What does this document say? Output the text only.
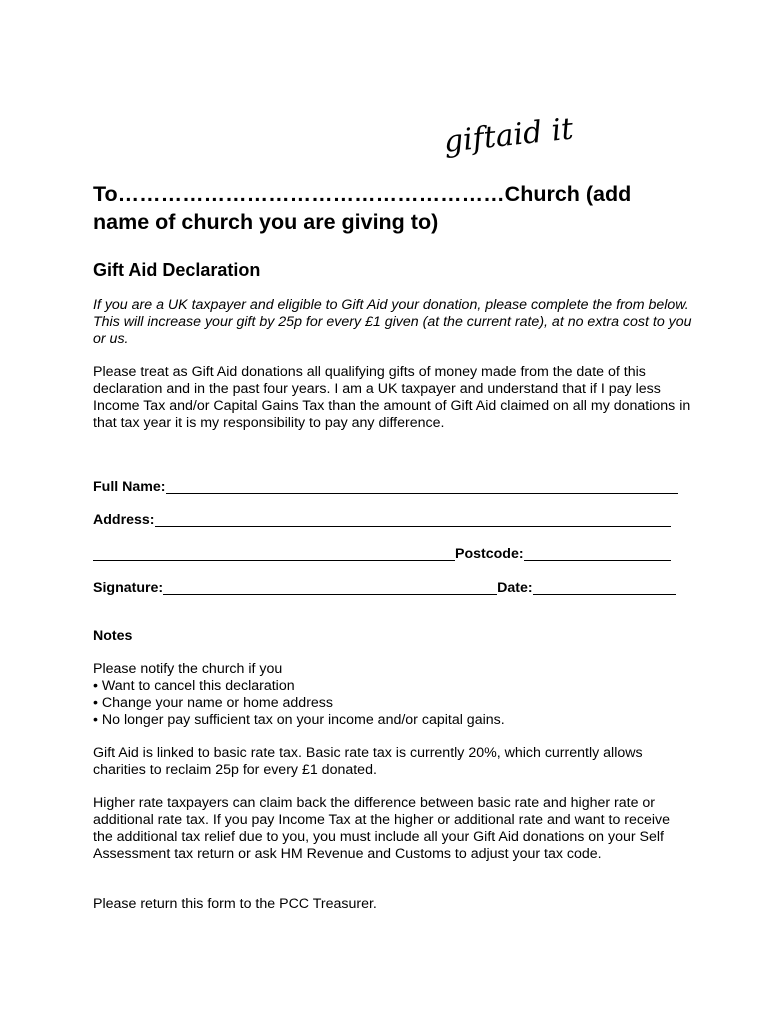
giftaid it
To………………………………………………Church (add name of church you are giving to)
Gift Aid Declaration

If you are a UK taxpayer and eligible to Gift Aid your donation, please complete the from below. This will increase your gift by 25p for every £1 given (at the current rate), at no extra cost to you or us.

Please treat as Gift Aid donations all qualifying gifts of money made from the date of this declaration and in the past four years. I am a UK taxpayer and understand that if I pay less Income Tax and/or Capital Gains Tax than the amount of Gift Aid claimed on all my donations in that tax year it is my responsibility to pay any difference.

Full Name:
Address:
Postcode:
Signature:	Date:
Notes
Please notify the church if you
• Want to cancel this declaration
• Change your name or home address
• No longer pay sufficient tax on your income and/or capital gains.

Gift Aid is linked to basic rate tax. Basic rate tax is currently 20%, which currently allows charities to reclaim 25p for every £1 donated.

Higher rate taxpayers can claim back the difference between basic rate and higher rate or additional rate tax. If you pay Income Tax at the higher or additional rate and want to receive the additional tax relief due to you, you must include all your Gift Aid donations on your Self Assessment tax return or ask HM Revenue and Customs to adjust your tax code.

Please return this form to the PCC Treasurer.
